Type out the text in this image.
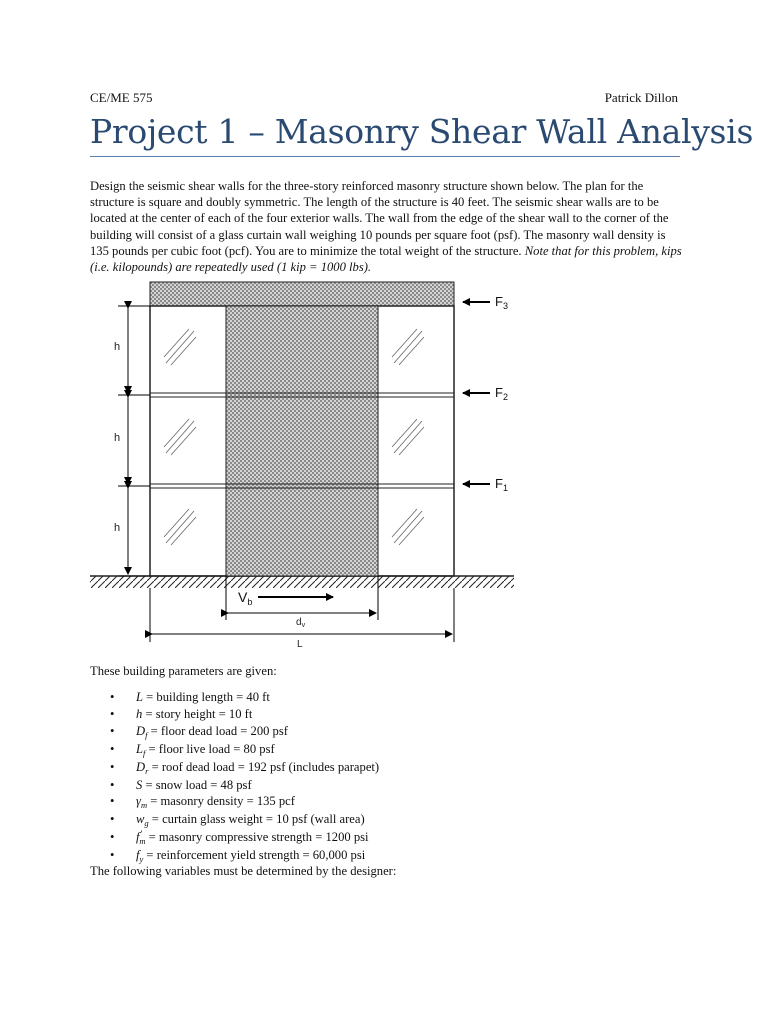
CE/ME 575	Patrick Dillon
Project 1 – Masonry Shear Wall Analysis
Design the seismic shear walls for the three-story reinforced masonry structure shown below. The plan for the structure is square and doubly symmetric. The length of the structure is 40 feet. The seismic shear walls are to be located at the center of each of the four exterior walls. The wall from the edge of the shear wall to the corner of the building will consist of a glass curtain wall weighing 10 pounds per square foot (psf). The masonry wall density is 135 pounds per cubic foot (pcf). You are to minimize the total weight of the structure. Note that for this problem, kips (i.e. kilopounds) are repeatedly used (1 kip = 1000 lbs).
h
h
h
$F_3$
$F_2$
$F_1$
$V_b$
$d_v$
L
These building parameters are given:
• L = building length = 40 ft
• h = story height = 10 ft
• $D_f$ = floor dead load = 200 psf
• $L_f$ = floor live load = 80 psf
• $D_r$ = roof dead load = 192 psf (includes parapet)
• S = snow load = 48 psf
• $\gamma_m$ = masonry density = 135 pcf
• $w_g$ = curtain glass weight = 10 psf (wall area)
• $f^’_m$ = masonry compressive strength = 1200 psi
• $f_y$ = reinforcement yield strength = 60,000 psi
The following variables must be determined by the designer:
